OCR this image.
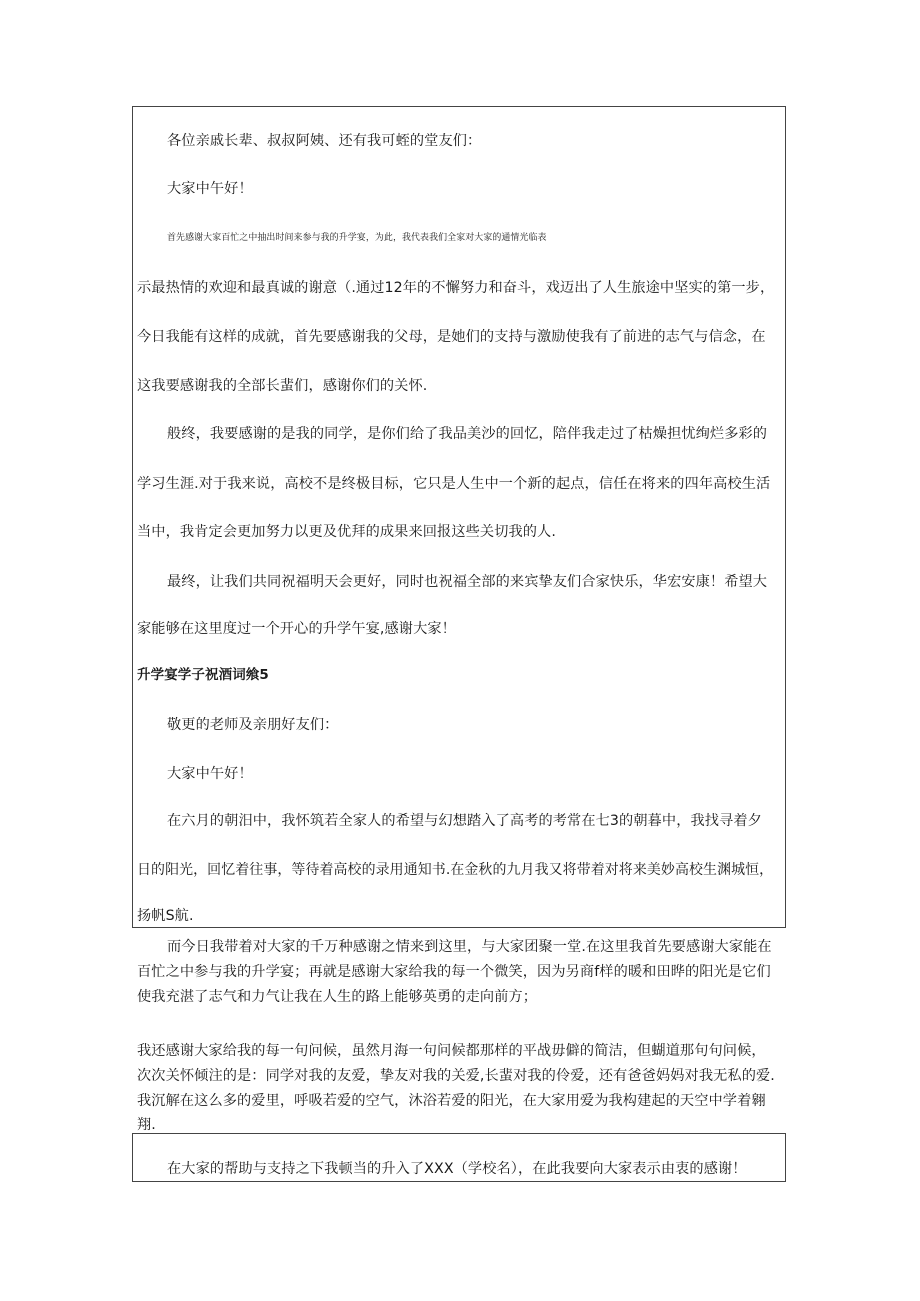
各位亲戚长辈、叔叔阿姨、还有我可蛭的堂友们：
大家中午好！
首先感谢大家百忙之中抽出时间来参与我的升学宴，为此，我代表我们全家对大家的通情光临表
示最热情的欢迎和最真诚的谢意（.通过12年的不懈努力和奋斗，戏迈出了人生旅途中坚实的第一步，
今日我能有这样的成就，首先要感谢我的父母，是她们的支持与激励使我有了前进的志气与信念，在
这我要感谢我的全部长蜚们，感谢你们的关怀.
般终，我要感谢的是我的同学，是你们给了我品美沙的回忆，陪伴我走过了枯燥担忧绚烂多彩的
学习生涯.对于我来说，高校不是终极目标，它只是人生中一个新的起点，信任在将来的四年高校生活
当中，我肯定会更加努力以更及优拜的成果来回报这些关切我的人.
最终，让我们共同祝福明天会更好，同时也祝福全部的来宾挚友们合家快乐，华宏安康！希望大
家能够在这里度过一个开心的升学午宴,感谢大家！
升学宴学子祝酒词飨5
敬更的老师及亲朋好友们：
大家中午好！
在六月的朝汨中，我怀筑若全家人的希望与幻想踏入了高考的考常在七3的朝暮中，我找寻着夕
日的阳光，回忆着往事，等待着高校的录用通知书.在金秋的九月我又将带着对将来美妙高校生渊城恒，
扬帆S航.
而今日我带着对大家的千万种感谢之情来到这里，与大家团聚一堂.在这里我首先要感谢大家能在
百忙之中参与我的升学宴；再就是感谢大家给我的每一个微笑，因为另商f样的暖和田晔的阳光是它们
使我充湛了志气和力气让我在人生的路上能够英勇的走向前方；
我还感谢大家给我的每一句问候，虽然月海一句问候都那样的平战毋僻的简洁，但蝴道那句句问候，
次次关怀倾注的是：同学对我的友爱，挚友对我的关爱,长蜚对我的伶爱，还有爸爸妈妈对我无私的爱.
我沉解在这么多的爱里，呼吸若爱的空气，沐浴若爱的阳光，在大家用爱为我构建起的天空中学着翱
翔.
在大家的帮助与支持之下我顿当的升入了XXX（学校名），在此我要向大家表示由衷的感谢！
